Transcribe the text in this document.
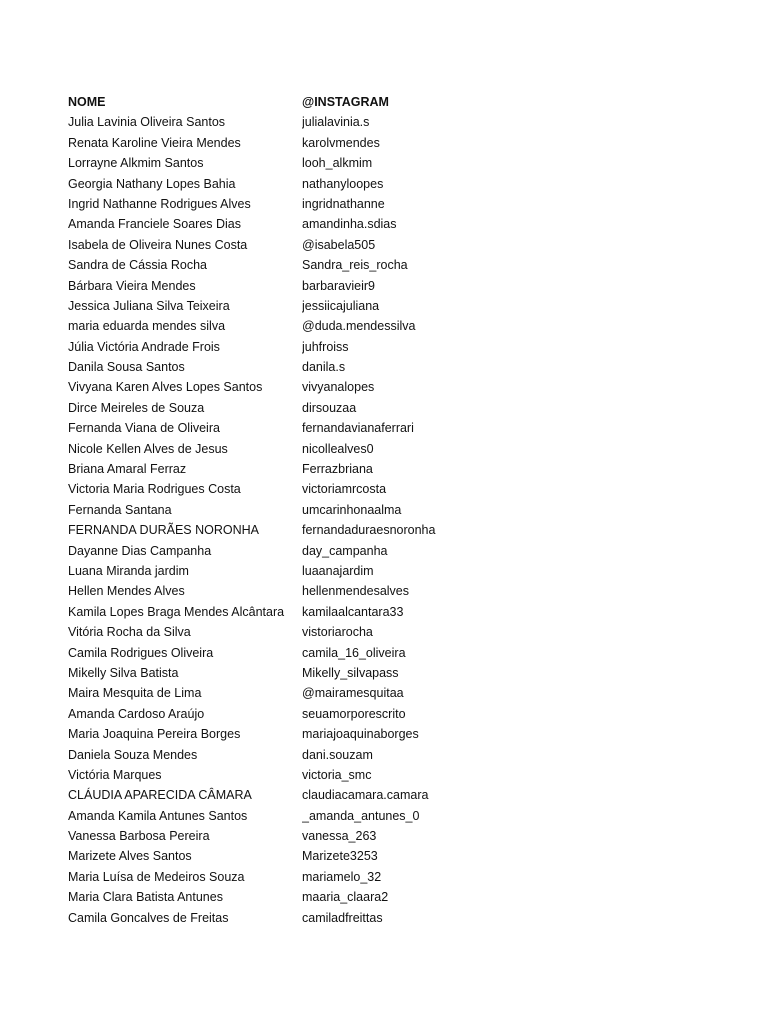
NOME	@INSTAGRAM
Julia Lavinia Oliveira Santos	julialavinia.s
Renata Karoline Vieira Mendes	karolvmendes
Lorrayne Alkmim Santos	looh_alkmim
Georgia Nathany Lopes Bahia	nathanyloopes
Ingrid Nathanne Rodrigues Alves	ingridnathanne
Amanda Franciele Soares Dias	amandinha.sdias
Isabela de Oliveira Nunes Costa	@isabela505
Sandra de Cássia Rocha	Sandra_reis_rocha
Bárbara Vieira Mendes	barbaravieir9
Jessica Juliana Silva Teixeira	jessiicajuliana
maria eduarda mendes silva	@duda.mendessilva
Júlia Victória Andrade Frois	juhfroiss
Danila Sousa Santos	danila.s
Vivyana Karen Alves Lopes Santos	vivyanalopes
Dirce Meireles de Souza	dirsouzaa
Fernanda Viana de Oliveira	fernandavianaferrari
Nicole Kellen Alves de Jesus	nicollealves0
Briana Amaral Ferraz	Ferrazbriana
Victoria Maria Rodrigues Costa	victoriamrcosta
Fernanda Santana	umcarinhonaalma
FERNANDA DURÃES NORONHA	fernandaduraesnoronha
Dayanne Dias Campanha	day_campanha
Luana Miranda jardim	luaanajardim
Hellen Mendes Alves	hellenmendesalves
Kamila Lopes Braga Mendes Alcântara	kamilaalcantara33
Vitória Rocha da Silva	vistoriarocha
Camila Rodrigues Oliveira	camila_16_oliveira
Mikelly Silva Batista	Mikelly_silvapass
Maira Mesquita de Lima	@mairamesquitaa
Amanda Cardoso Araújo	seuamorporescrito
Maria Joaquina Pereira Borges	mariajoaquinaborges
Daniela Souza Mendes	dani.souzam
Victória Marques	victoria_smc
CLÁUDIA APARECIDA CÂMARA	claudiacamara.camara
Amanda Kamila Antunes Santos	_amanda_antunes_0
Vanessa Barbosa Pereira	vanessa_263
Marizete Alves Santos	Marizete3253
Maria Luísa de Medeiros Souza	mariamelo_32
Maria Clara Batista Antunes	maaria_claara2
Camila Goncalves de Freitas	camiladfreittas
